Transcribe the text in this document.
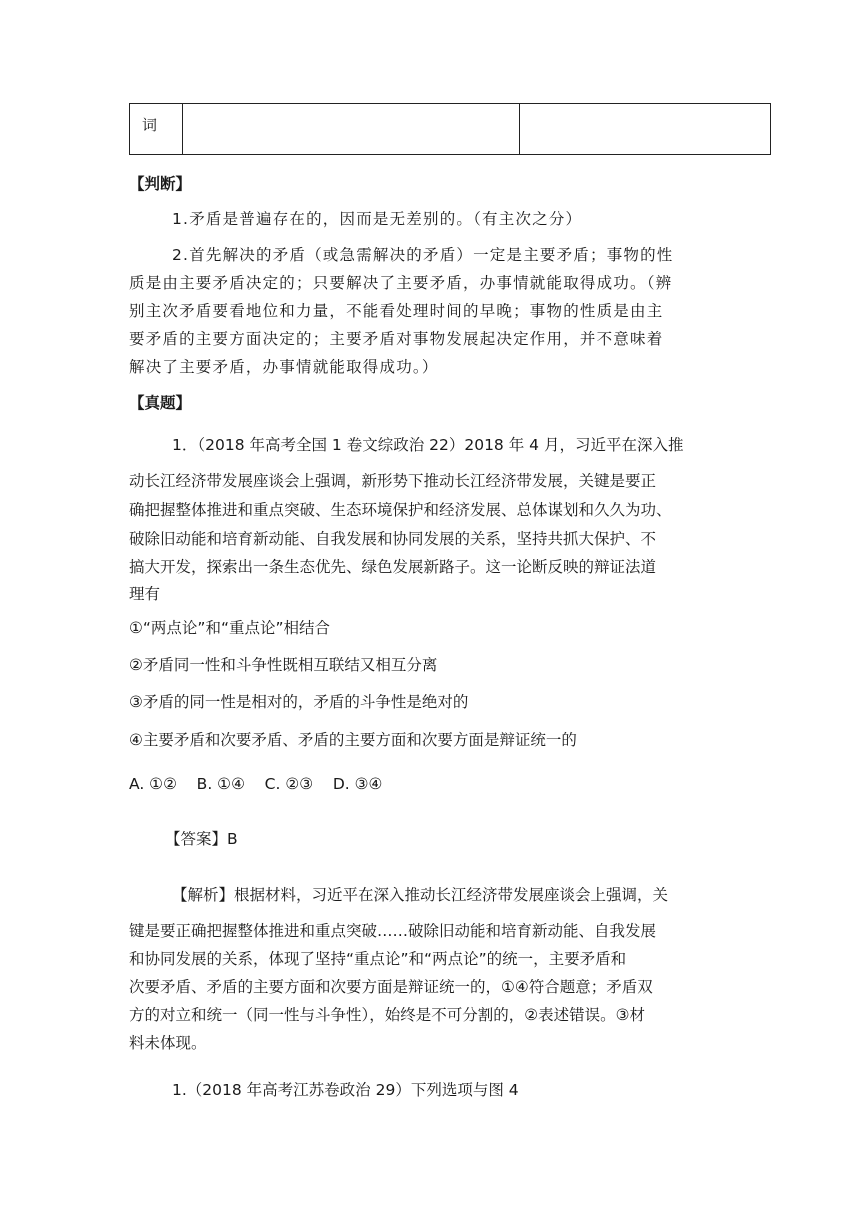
词
【判断】
1.矛盾是普遍存在的，因而是无差别的。（有主次之分）
2.首先解决的矛盾（或急需解决的矛盾）一定是主要矛盾；事物的性
质是由主要矛盾决定的；只要解决了主要矛盾，办事情就能取得成功。（辨
别主次矛盾要看地位和力量，不能看处理时间的早晚；事物的性质是由主
要矛盾的主要方面决定的；主要矛盾对事物发展起决定作用，并不意味着
解决了主要矛盾，办事情就能取得成功。）
【真题】
1．（2018 年高考全国 1 卷文综政治 22）2018 年 4 月，习近平在深入推
动长江经济带发展座谈会上强调，新形势下推动长江经济带发展，关键是要正
确把握整体推进和重点突破、生态环境保护和经济发展、总体谋划和久久为功、
破除旧动能和培育新动能、自我发展和协同发展的关系，坚持共抓大保护、不
搞大开发，探索出一条生态优先、绿色发展新路子。这一论断反映的辩证法道
理有
①“两点论”和“重点论”相结合
②矛盾同一性和斗争性既相互联结又相互分离
③矛盾的同一性是相对的，矛盾的斗争性是绝对的
④主要矛盾和次要矛盾、矛盾的主要方面和次要方面是辩证统一的
A. ①②    B. ①④    C. ②③    D. ③④
【答案】B
【解析】根据材料，习近平在深入推动长江经济带发展座谈会上强调，关
键是要正确把握整体推进和重点突破……破除旧动能和培育新动能、自我发展
和协同发展的关系，体现了坚持“重点论”和“两点论”的统一，主要矛盾和
次要矛盾、矛盾的主要方面和次要方面是辩证统一的，①④符合题意；矛盾双
方的对立和统一（同一性与斗争性），始终是不可分割的，②表述错误。③材
料未体现。
1.（2018 年高考江苏卷政治 29）下列选项与图 4
